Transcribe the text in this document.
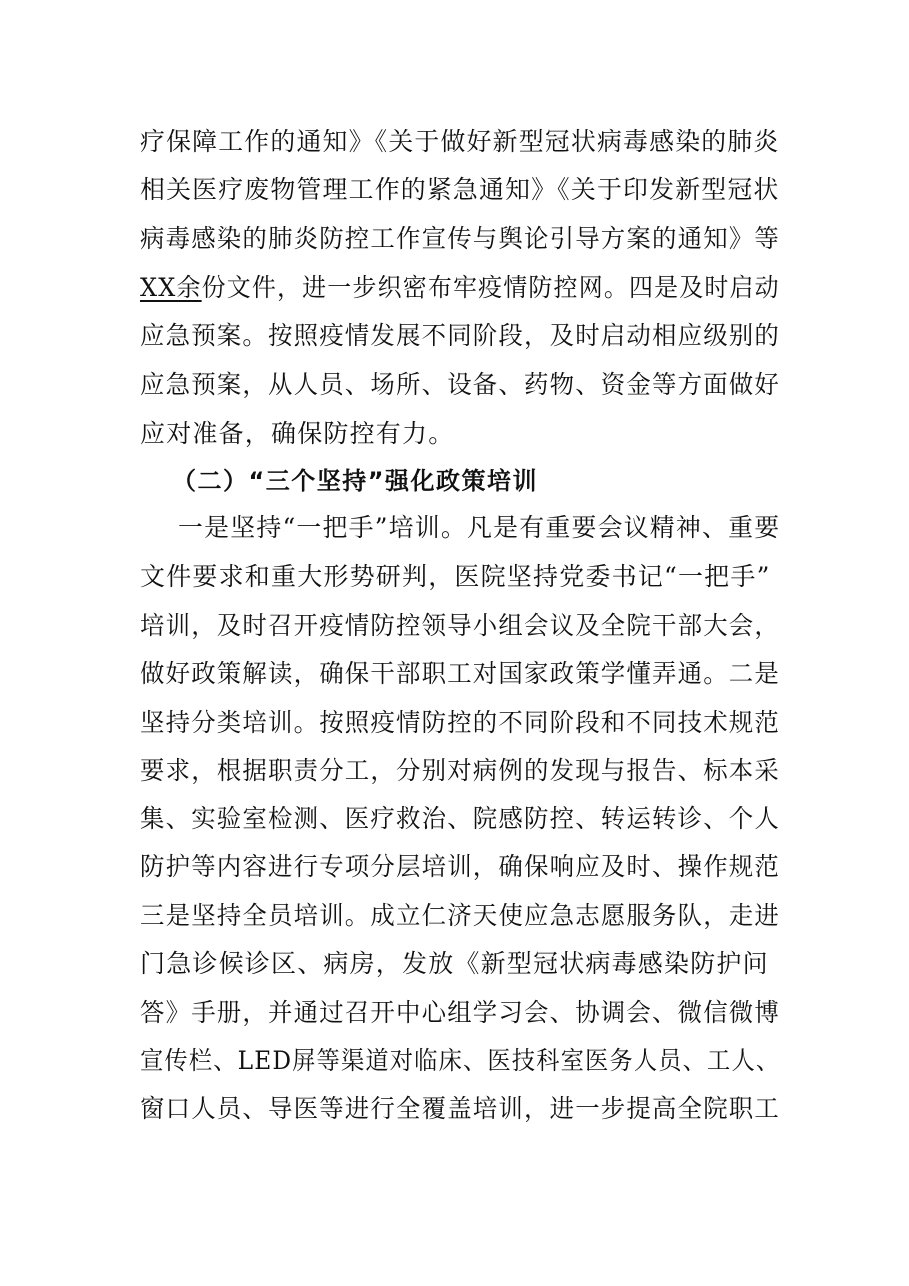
疗保障工作的通知》《关于做好新型冠状病毒感染的肺炎
相关医疗废物管理工作的紧急通知》《关于印发新型冠状
病毒感染的肺炎防控工作宣传与舆论引导方案的通知》等
XX余份文件，进一步织密布牢疫情防控网。四是及时启动
应急预案。按照疫情发展不同阶段，及时启动相应级别的
应急预案，从人员、场所、设备、药物、资金等方面做好
应对准备，确保防控有力。
（二）“三个坚持”强化政策培训
一是坚持“一把手”培训。凡是有重要会议精神、重要
文件要求和重大形势研判，医院坚持党委书记“一把手”
培训，及时召开疫情防控领导小组会议及全院干部大会，
做好政策解读，确保干部职工对国家政策学懂弄通。二是
坚持分类培训。按照疫情防控的不同阶段和不同技术规范
要求，根据职责分工，分别对病例的发现与报告、标本采
集、实验室检测、医疗救治、院感防控、转运转诊、个人
防护等内容进行专项分层培训，确保响应及时、操作规范
三是坚持全员培训。成立仁济天使应急志愿服务队，走进
门急诊候诊区、病房，发放《新型冠状病毒感染防护问
答》手册，并通过召开中心组学习会、协调会、微信微博
宣传栏、LED屏等渠道对临床、医技科室医务人员、工人、
窗口人员、导医等进行全覆盖培训，进一步提高全院职工
